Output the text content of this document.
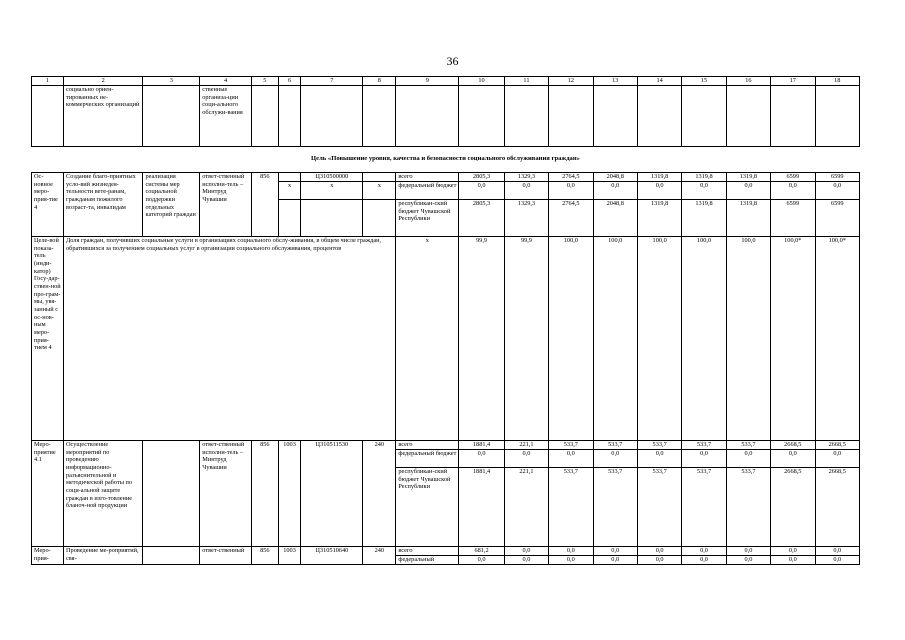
36
1	2	3	4	5	6	7	8	9	10	11	12	13	14	15	16	17	18
	социально ориен-тированных не-коммерческих организаций		ственные организа-ции соци-ального обслужи-вания														
Цель «Повышение уровня, качества и безопасности социального обслуживания граждан»																	
Ос-новное меро-прия-тие 4	Создание благо-приятных усло-вий жизнедея-тельности вете-ранам, гражданам пожилого возраст-та, инвалидам	реализация системы мер социальной поддержки отдельных категорий граждан	ответ-ственный исполни-тель – Минтруд Чувашии	856		Ц310500000		всего	2805,3	1329,3	2764,5	2048,8	1319,8	1319,8	1319,8	6599	6599
					x	x	x	федеральный бюджет	0,0	0,0	0,0	0,0	0,0	0,0	0,0	0,0	0,0
								республикан-ский бюджет Чувашской Республики	2805,3	1329,3	2764,5	2048,8	1319,8	1319,8	1319,8	6599	6599
Целе-вой показа-тель (инди-катор) Госу-дар-ствен-ной про-грам-мы, увя-занный с ос-нов-ным меро-прия-тием 4	Доля граждан, получивших социальные услуги в организациях социального обслу-живания, в общем числе граждан, обратившихся за получением социальных услуг в организации социального обслуживания, процентов							x	99,9	99,9	100,0	100,0	100,0	100,0	100,0	100,0*	100,0*
Меро-приятие 4.1	Осуществление мероприятий по проведению информационно-разъяснительной и методической работы по соци-альной защите граждан в изго-товление бланоч-ной продукции		ответ-ственный исполни-тель – Минтруд Чувашии	856	1003	Ц310511530	240	всего	1881,4	221,1	533,7	533,7	533,7	533,7	533,7	2668,5	2668,5
								федеральный бюджет	0,0	0,0	0,0	0,0	0,0	0,0	0,0	0,0	0,0
								республикан-ский бюджет Чувашской Республики	1881,4	221,1	533,7	533,7	533,7	533,7	533,7	2668,5	2668,5
Меро-прия-	Проведение ме-роприятий, свя-		ответ-ственный	856	1003	Ц310510640	240	всего	681,2	0,0	0,0	0,0	0,0	0,0	0,0	0,0	0,0
								федеральный	0,0	0,0	0,0	0,0	0,0	0,0	0,0	0,0	0,0
